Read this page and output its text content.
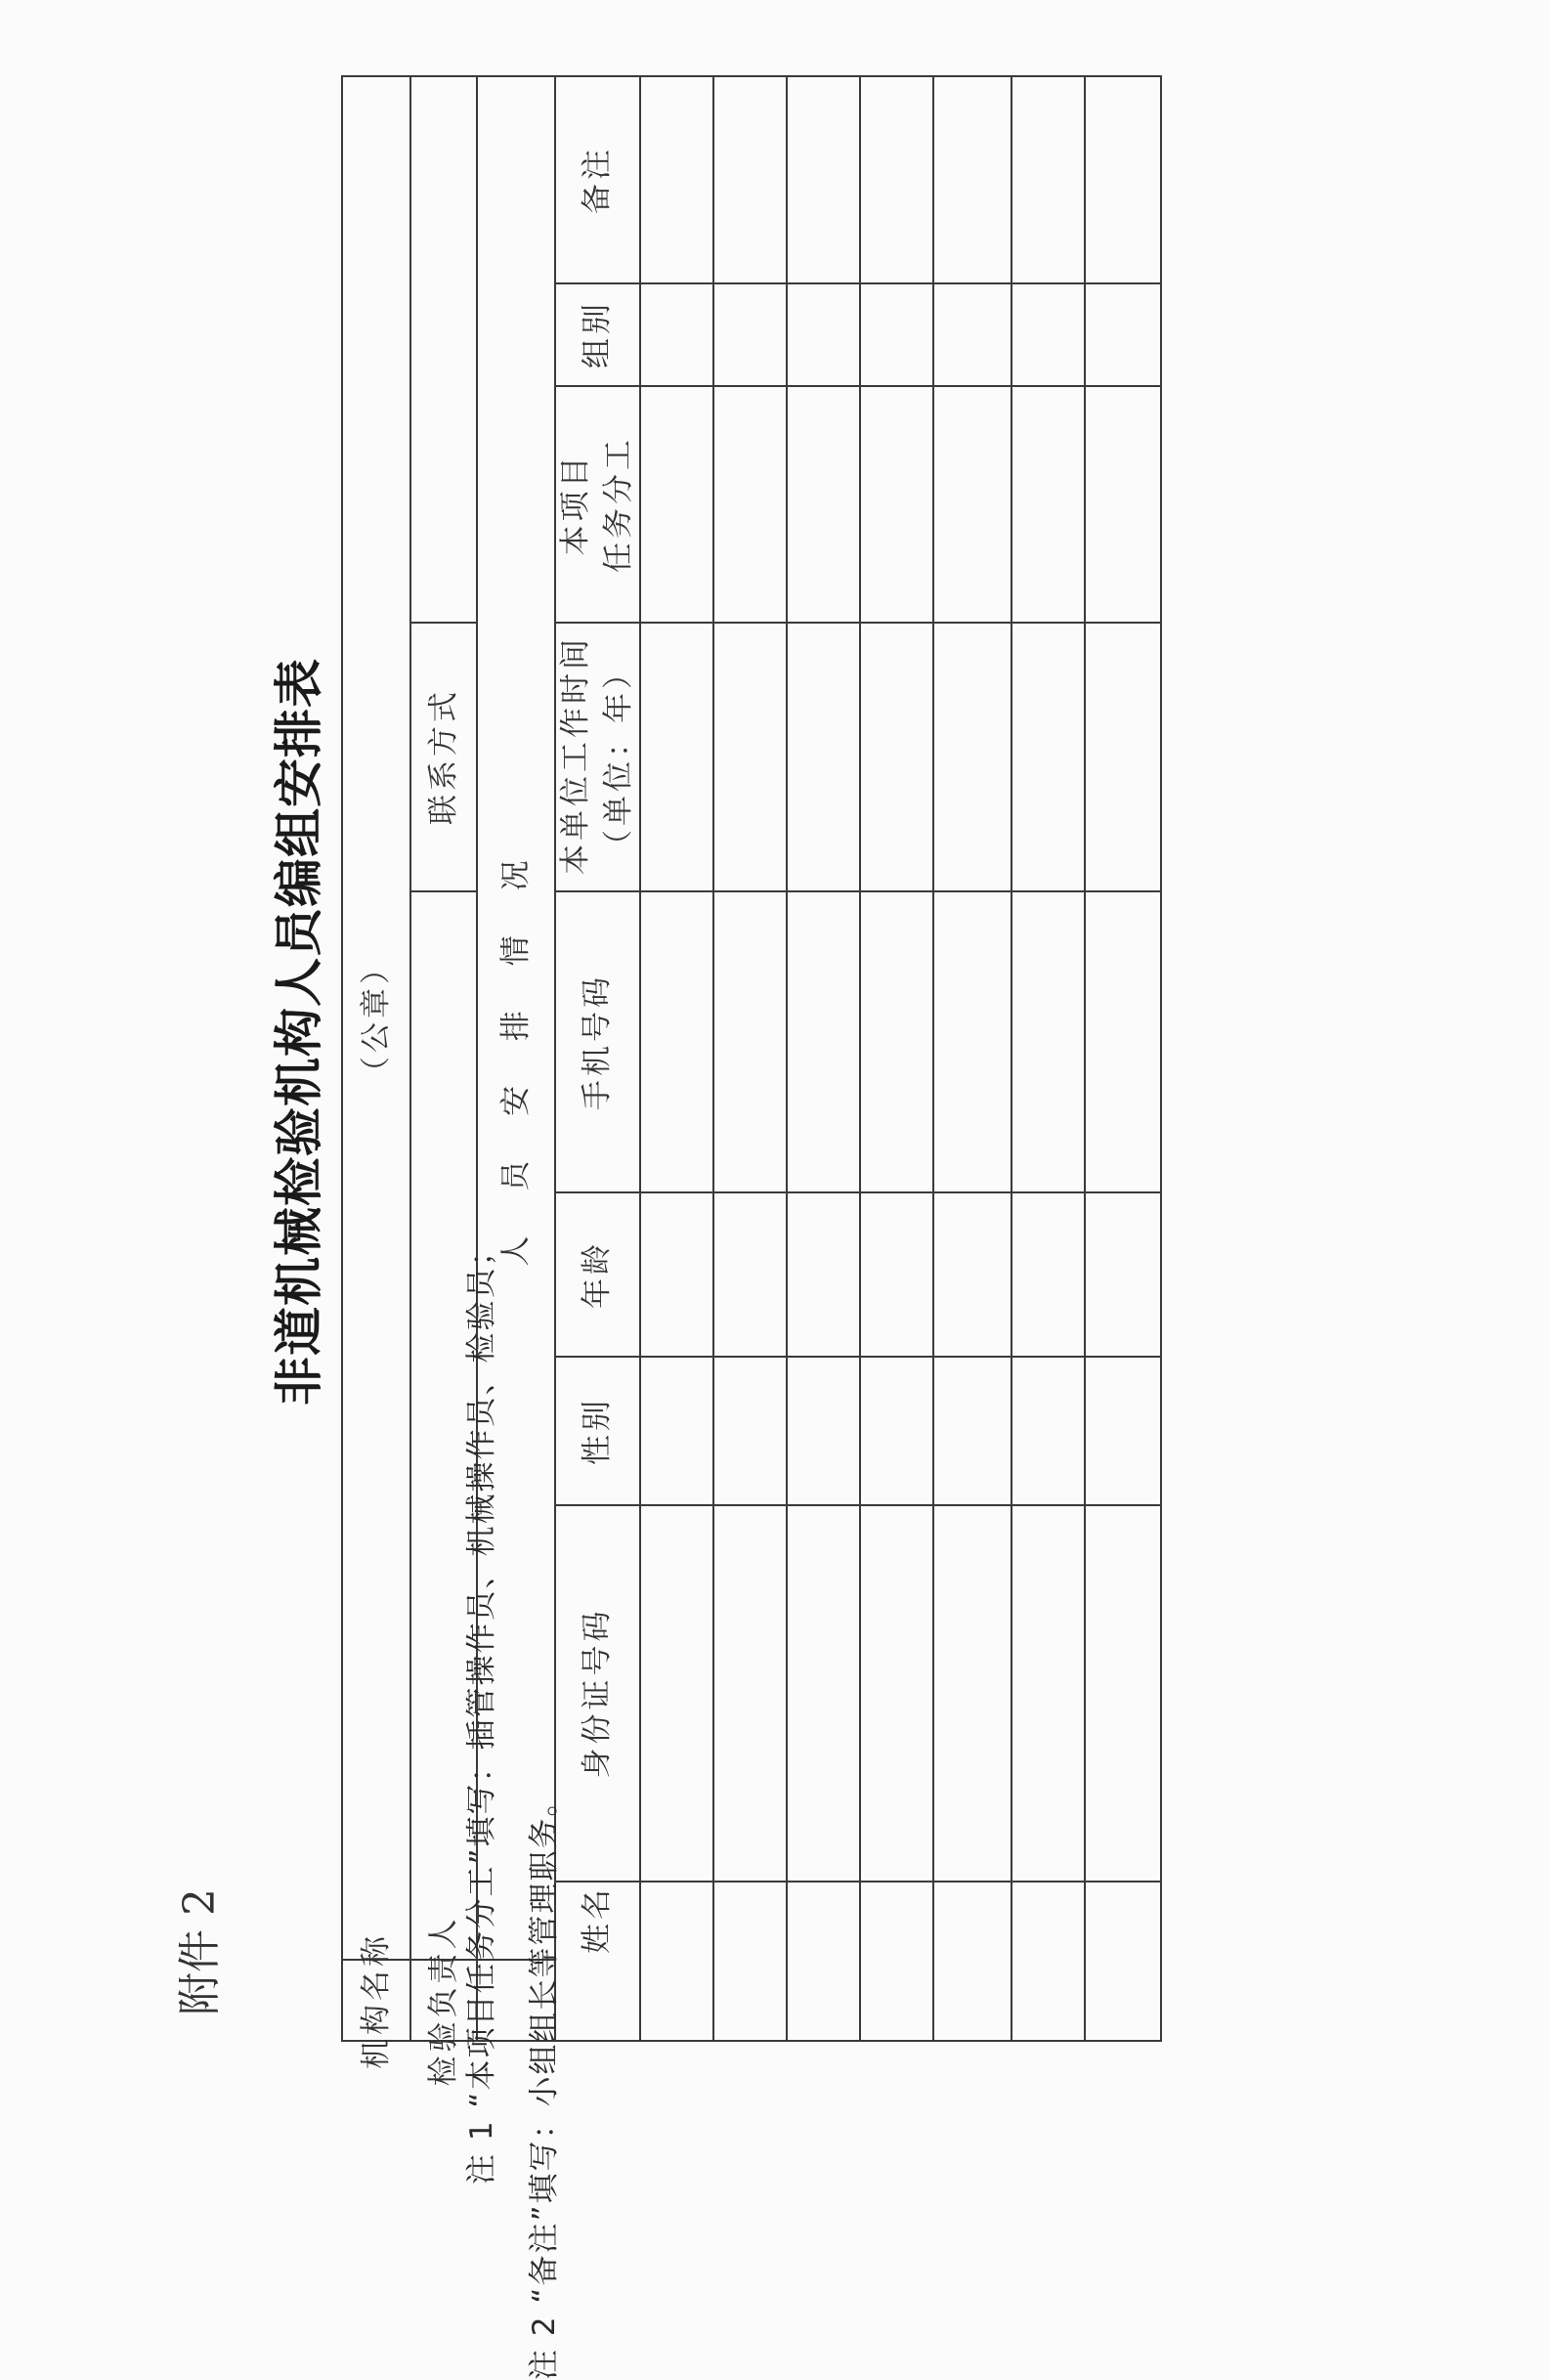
附件 2
非道机械检验机构人员编组安排表
机构名称
（公章）
检验负责人
联系方式
人 员 安 排 情 况
姓名
身份证号码
性别
年龄
手机号码
本单位工作时间 （单位：年）
本项目 任务分工
组别
备注
注 1 “本项目任务分工”填写：插管操作员、机械操作员、检验员； 注 2 “备注”填写：小组组长等管理职务。
